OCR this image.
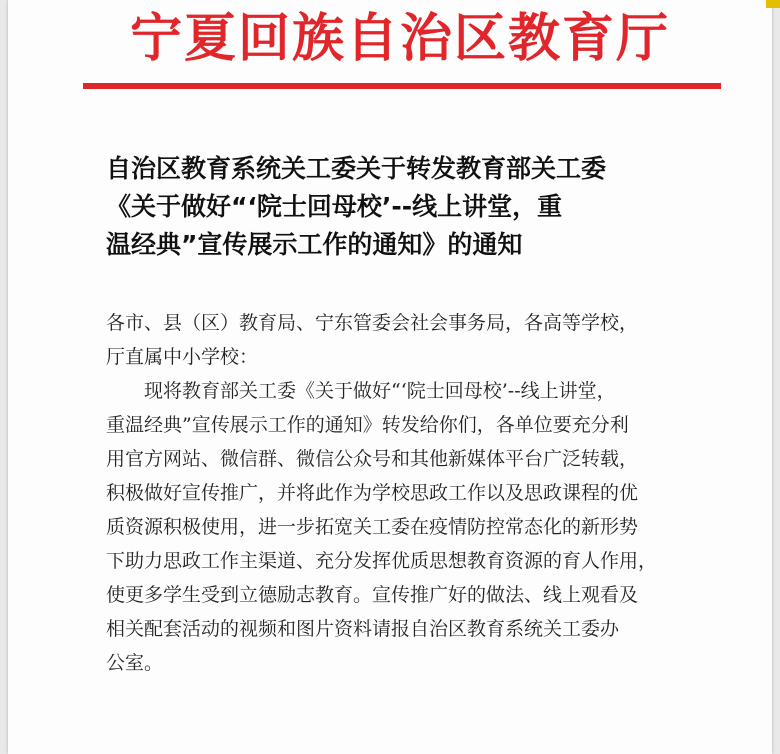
宁夏回族自治区教育厅
自治区教育系统关工委关于转发教育部关工委
《关于做好“‘院士回母校’--线上讲堂，重
温经典”宣传展示工作的通知》的通知
各市、县（区）教育局、宁东管委会社会事务局，各高等学校，
厅直属中小学校：
现将教育部关工委《关于做好“‘院士回母校’--线上讲堂，
重温经典”宣传展示工作的通知》转发给你们，各单位要充分利
用官方网站、微信群、微信公众号和其他新媒体平台广泛转载，
积极做好宣传推广，并将此作为学校思政工作以及思政课程的优
质资源积极使用，进一步拓宽关工委在疫情防控常态化的新形势
下助力思政工作主渠道、充分发挥优质思想教育资源的育人作用，
使更多学生受到立德励志教育。宣传推广好的做法、线上观看及
相关配套活动的视频和图片资料请报自治区教育系统关工委办
公室。
